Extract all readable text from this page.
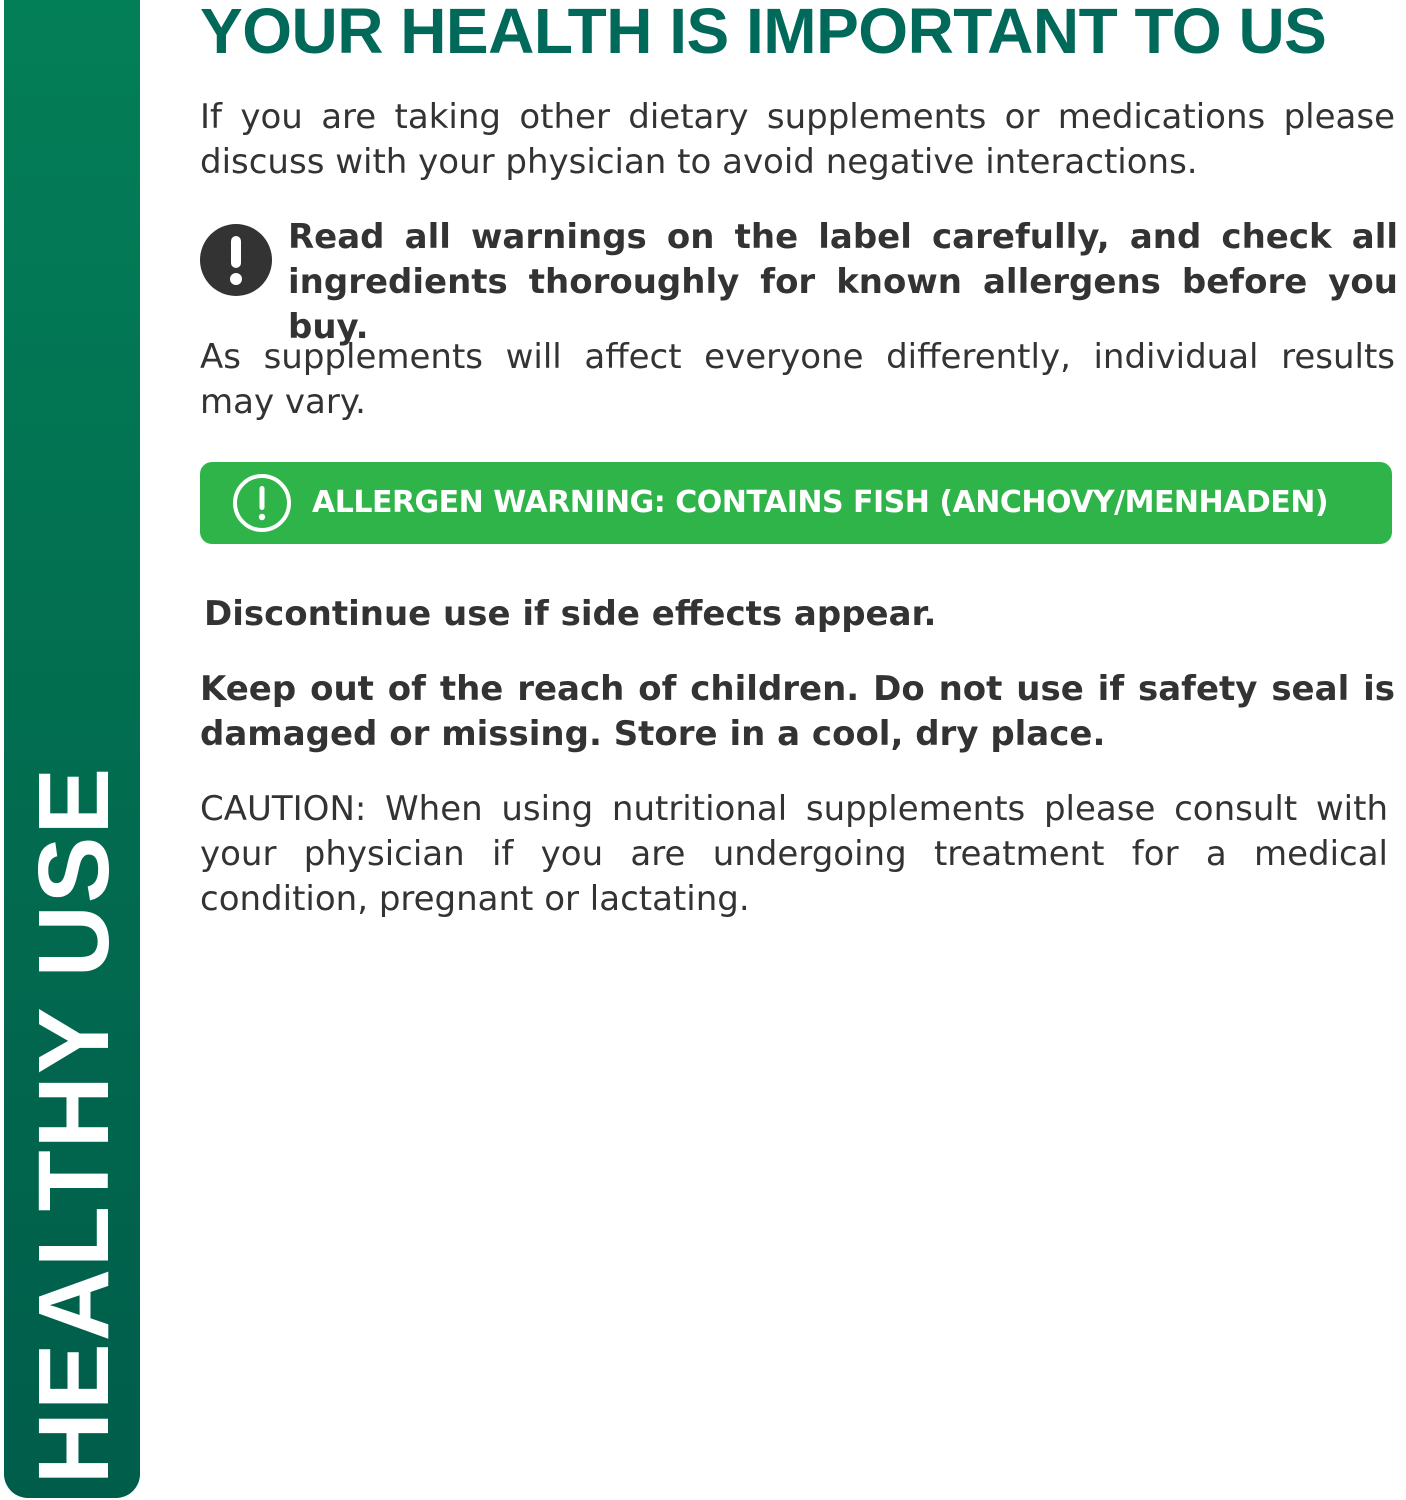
HEALTHY USE
YOUR HEALTH IS IMPORTANT TO US

If you are taking other dietary supplements or medications please discuss with your physician to avoid negative interactions.

Read all warnings on the label carefully, and check all ingredients thoroughly for known allergens before you buy.

As supplements will affect everyone differently, individual results may vary.

ALLERGEN WARNING: CONTAINS FISH (ANCHOVY/MENHADEN)

Discontinue use if side effects appear.

Keep out of the reach of children. Do not use if safety seal is damaged or missing. Store in a cool, dry place.

CAUTION: When using nutritional supplements please consult with your physician if you are undergoing treatment for a medical condition, pregnant or lactating.
